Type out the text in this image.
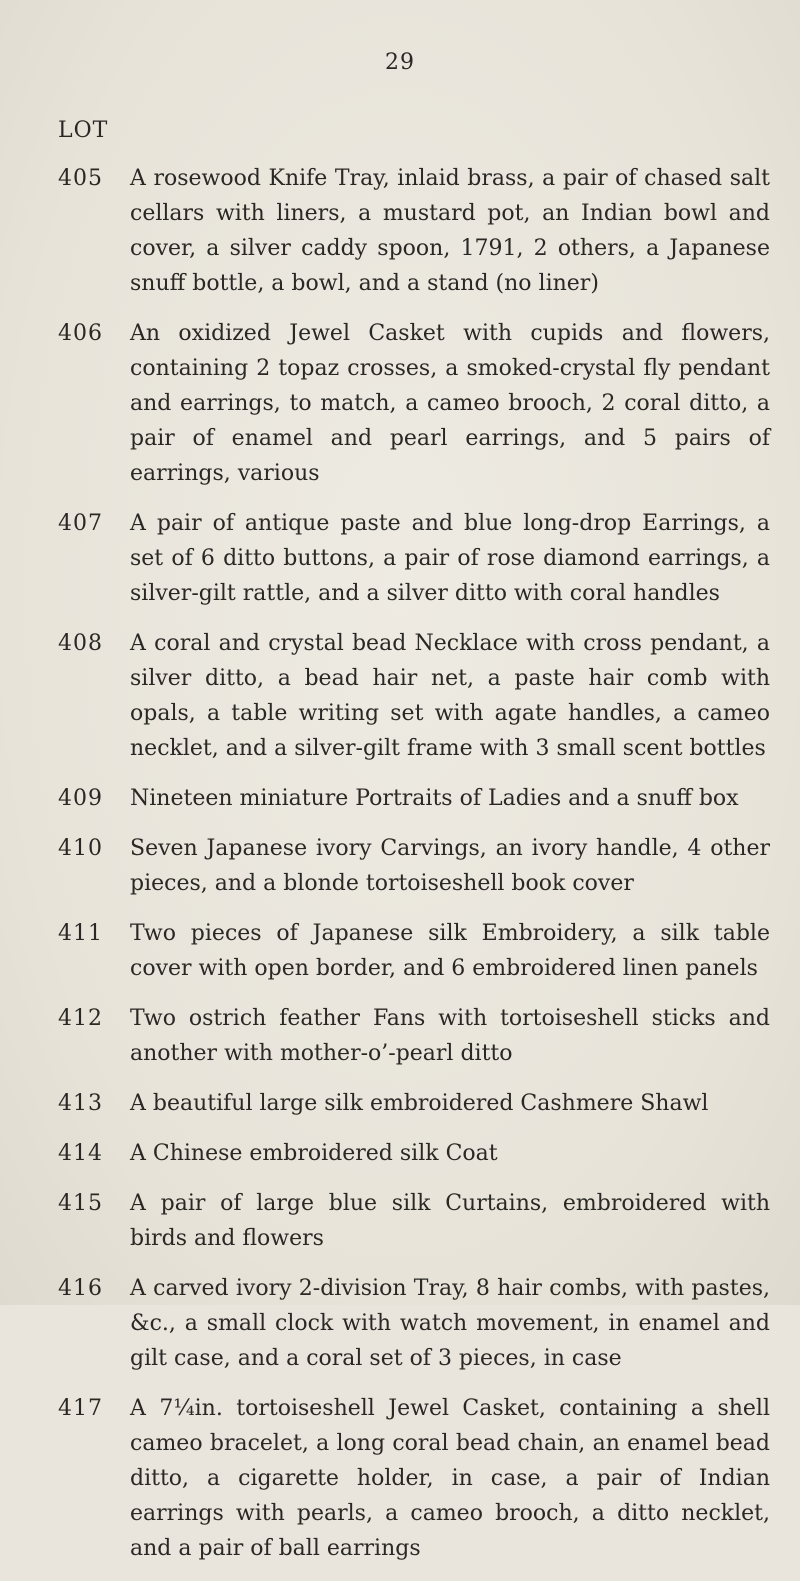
29
LOT
405 A rosewood Knife Tray, inlaid brass, a pair of chased salt cellars with liners, a mustard pot, an Indian bowl and cover, a silver caddy spoon, 1791, 2 others, a Japanese snuff bottle, a bowl, and a stand (no liner)
406 An oxidized Jewel Casket with cupids and flowers, containing 2 topaz crosses, a smoked-crystal fly pendant and earrings, to match, a cameo brooch, 2 coral ditto, a pair of enamel and pearl earrings, and 5 pairs of earrings, various
407 A pair of antique paste and blue long-drop Earrings, a set of 6 ditto buttons, a pair of rose diamond earrings, a silver-gilt rattle, and a silver ditto with coral handles
408 A coral and crystal bead Necklace with cross pendant, a silver ditto, a bead hair net, a paste hair comb with opals, a table writing set with agate handles, a cameo necklet, and a silver-gilt frame with 3 small scent bottles
409 Nineteen miniature Portraits of Ladies and a snuff box
410 Seven Japanese ivory Carvings, an ivory handle, 4 other pieces, and a blonde tortoiseshell book cover
411 Two pieces of Japanese silk Embroidery, a silk table cover with open border, and 6 embroidered linen panels
412 Two ostrich feather Fans with tortoiseshell sticks and another with mother-o’-pearl ditto
413 A beautiful large silk embroidered Cashmere Shawl
414 A Chinese embroidered silk Coat
415 A pair of large blue silk Curtains, embroidered with birds and flowers
416 A carved ivory 2-division Tray, 8 hair combs, with pastes, &c., a small clock with watch movement, in enamel and gilt case, and a coral set of 3 pieces, in case
417 A 7¼in. tortoiseshell Jewel Casket, containing a shell cameo bracelet, a long coral bead chain, an enamel bead ditto, a cigarette holder, in case, a pair of Indian earrings with pearls, a cameo brooch, a ditto necklet, and a pair of ball earrings
